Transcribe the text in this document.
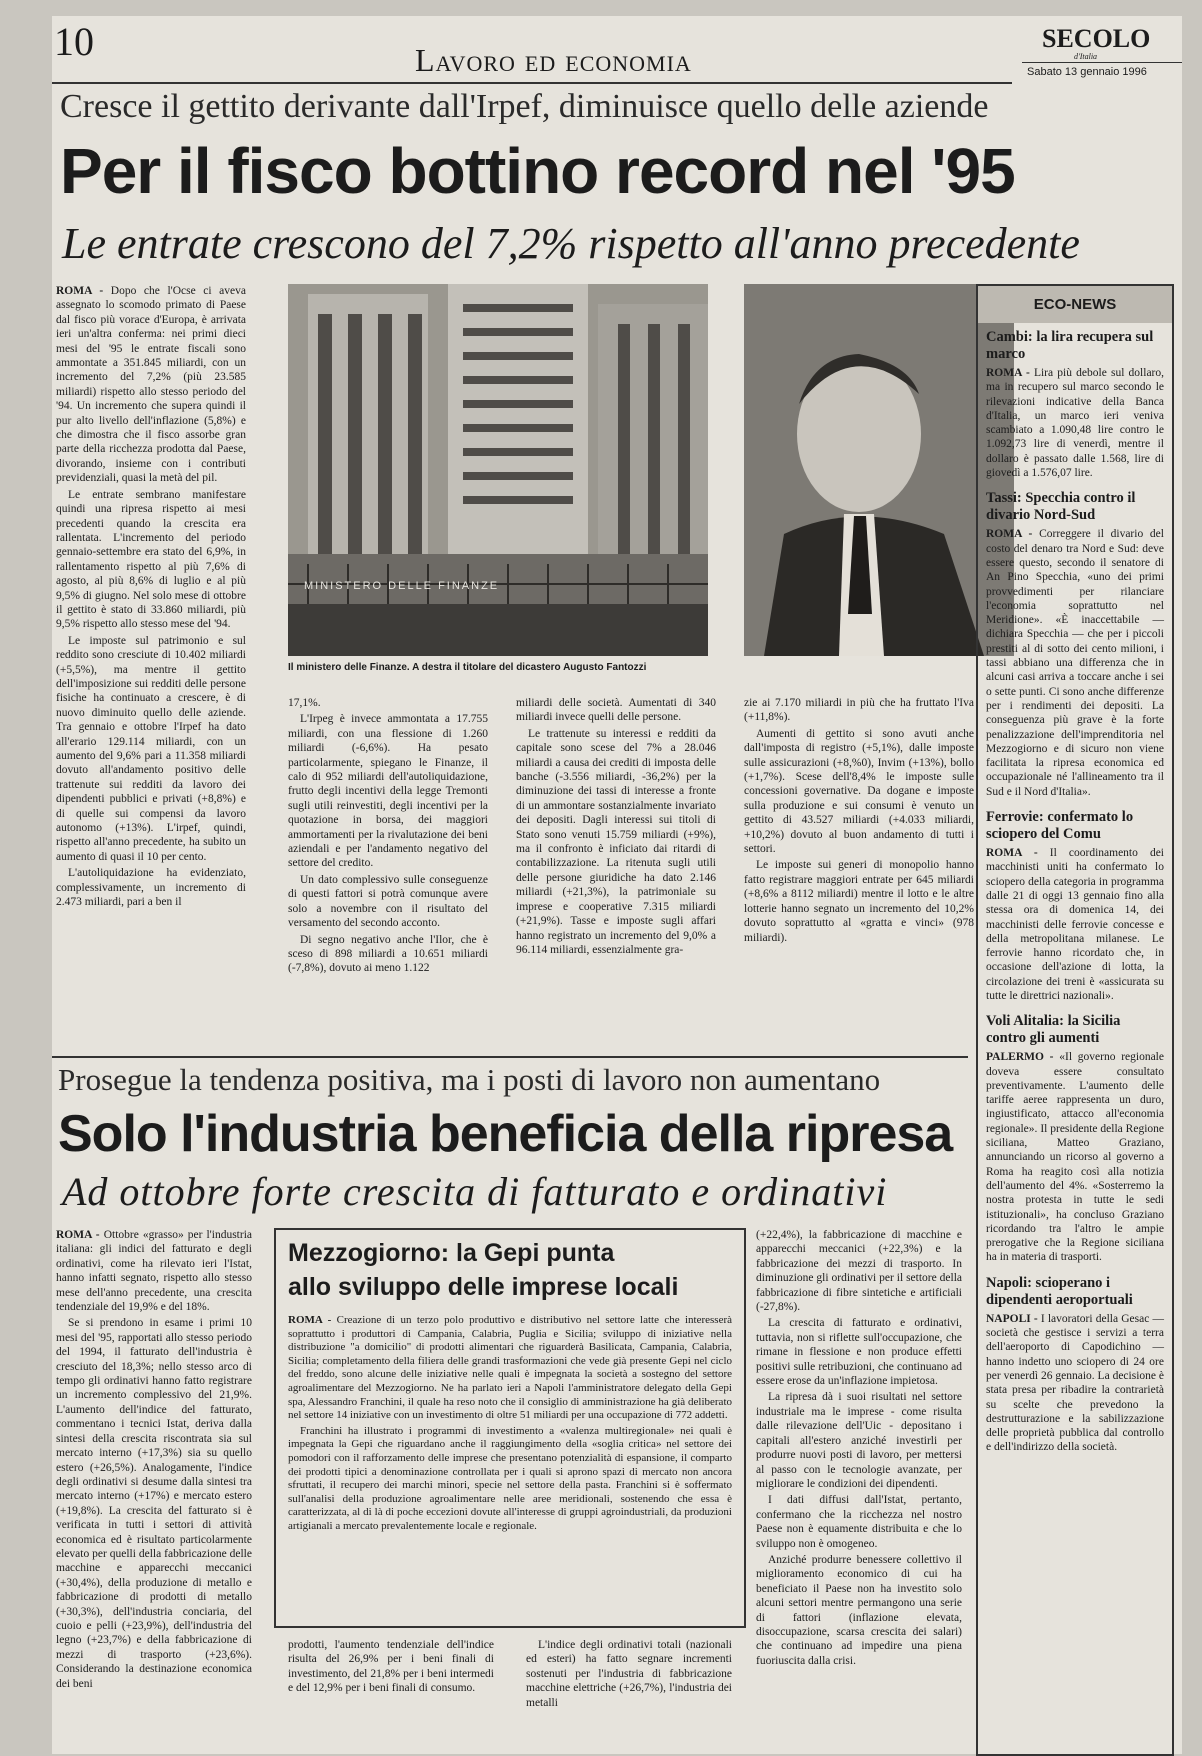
10	Lavoro ed economia
SECOLO
d'Italia
Sabato 13 gennaio 1996
Cresce il gettito derivante dall'Irpef, diminuisce quello delle aziende
Per il fisco bottino record nel '95
Le entrate crescono del 7,2% rispetto all'anno precedente

ROMA - Dopo che l'Ocse ci aveva assegnato lo scomodo primato di Paese dal fisco più vorace d'Europa, è arrivata ieri un'altra conferma: nei primi dieci mesi del '95 le entrate fiscali sono ammontate a 351.845 miliardi, con un incremento del 7,2% (più 23.585 miliardi) rispetto allo stesso periodo del '94. Un incremento che supera quindi il pur alto livello dell'inflazione (5,8%) e che dimostra che il fisco assorbe gran parte della ricchezza prodotta dal Paese, divorando, insieme con i contributi previdenziali, quasi la metà del pil.

Le entrate sembrano manifestare quindi una ripresa rispetto ai mesi precedenti quando la crescita era rallentata. L'incremento del periodo gennaio-settembre era stato del 6,9%, in rallentamento rispetto al più 7,6% di agosto, al più 8,6% di luglio e al più 9,5% di giugno. Nel solo mese di ottobre il gettito è stato di 33.860 miliardi, più 9,5% rispetto allo stesso mese del '94.

Le imposte sul patrimonio e sul reddito sono cresciute di 10.402 miliardi (+5,5%), ma mentre il gettito dell'imposizione sui redditi delle persone fisiche ha continuato a crescere, è di nuovo diminuito quello delle aziende. Tra gennaio e ottobre l'Irpef ha dato all'erario 129.114 miliardi, con un aumento del 9,6% pari a 11.358 miliardi dovuto all'andamento positivo delle trattenute sui redditi da lavoro dei dipendenti pubblici e privati (+8,8%) e di quelle sui compensi da lavoro autonomo (+13%). L'irpef, quindi, rispetto all'anno precedente, ha subito un aumento di quasi il 10 per cento.

L'autoliquidazione ha evidenziato, complessivamente, un incremento di 2.473 miliardi, pari a ben il

MINISTERO DELLE FINANZE
Il ministero delle Finanze. A destra il titolare del dicastero Augusto Fantozzi

17,1%.

L'Irpeg è invece ammontata a 17.755 miliardi, con una flessione di 1.260 miliardi (-6,6%). Ha pesato particolarmente, spiegano le Finanze, il calo di 952 miliardi dell'autoliquidazione, frutto degli incentivi della legge Tremonti sugli utili reinvestiti, degli incentivi per la quotazione in borsa, dei maggiori ammortamenti per la rivalutazione dei beni aziendali e per l'andamento negativo del settore del credito.

Un dato complessivo sulle conseguenze di questi fattori si potrà comunque avere solo a novembre con il risultato del versamento del secondo acconto.

Di segno negativo anche l'Ilor, che è sceso di 898 miliardi a 10.651 miliardi (-7,8%), dovuto ai meno 1.122

miliardi delle società. Aumentati di 340 miliardi invece quelli delle persone.

Le trattenute su interessi e redditi da capitale sono scese del 7% a 28.046 miliardi a causa dei crediti di imposta delle banche (-3.556 miliardi, -36,2%) per la diminuzione dei tassi di interesse a fronte di un ammontare sostanzialmente invariato dei depositi. Dagli interessi sui titoli di Stato sono venuti 15.759 miliardi (+9%), ma il confronto è inficiato dai ritardi di contabilizzazione. La ritenuta sugli utili delle persone giuridiche ha dato 2.146 miliardi (+21,3%), la patrimoniale su imprese e cooperative 7.315 miliardi (+21,9%). Tasse e imposte sugli affari hanno registrato un incremento del 9,0% a 96.114 miliardi, essenzialmente gra-

zie ai 7.170 miliardi in più che ha fruttato l'Iva (+11,8%).

Aumenti di gettito si sono avuti anche dall'imposta di registro (+5,1%), dalle imposte sulle assicurazioni (+8,%0), Invim (+13%), bollo (+1,7%). Scese dell'8,4% le imposte sulle concessioni governative. Da dogane e imposte sulla produzione e sui consumi è venuto un gettito di 43.527 miliardi (+4.033 miliardi, +10,2%) dovuto al buon andamento di tutti i settori.

Le imposte sui generi di monopolio hanno fatto registrare maggiori entrate per 645 miliardi (+8,6% a 8112 miliardi) mentre il lotto e le altre lotterie hanno segnato un incremento del 10,2% dovuto soprattutto al «gratta e vinci» (978 miliardi).

ECO-NEWS
Cambi: la lira recupera sul marco
ROMA - Lira più debole sul dollaro, ma in recupero sul marco secondo le rilevazioni indicative della Banca d'Italia, un marco ieri veniva scambiato a 1.090,48 lire contro le 1.092,73 lire di venerdì, mentre il dollaro è passato dalle 1.568, lire di giovedì a 1.576,07 lire.
Tassi: Specchia contro il divario Nord-Sud
ROMA - Correggere il divario del costo del denaro tra Nord e Sud: deve essere questo, secondo il senatore di An Pino Specchia, «uno dei primi provvedimenti per rilanciare l'economia soprattutto nel Meridione». «È inaccettabile — dichiara Specchia — che per i piccoli prestiti al di sotto dei cento milioni, i tassi abbiano una differenza che in alcuni casi arriva a toccare anche i sei o sette punti. Ci sono anche differenze per i rendimenti dei depositi. La conseguenza più grave è la forte penalizzazione dell'imprenditoria nel Mezzogiorno e di sicuro non viene facilitata la ripresa economica ed occupazionale né l'allineamento tra il Sud e il Nord d'Italia».
Ferrovie: confermato lo sciopero del Comu
ROMA - Il coordinamento dei macchinisti uniti ha confermato lo sciopero della categoria in programma dalle 21 di oggi 13 gennaio fino alla stessa ora di domenica 14, dei macchinisti delle ferrovie concesse e della metropolitana milanese. Le ferrovie hanno ricordato che, in occasione dell'azione di lotta, la circolazione dei treni è «assicurata su tutte le direttrici nazionali».
Voli Alitalia: la Sicilia contro gli aumenti
PALERMO - «Il governo regionale doveva essere consultato preventivamente. L'aumento delle tariffe aeree rappresenta un duro, ingiustificato, attacco all'economia regionale». Il presidente della Regione siciliana, Matteo Graziano, annunciando un ricorso al governo a Roma ha reagito così alla notizia dell'aumento del 4%. «Sosterremo la nostra protesta in tutte le sedi istituzionali», ha concluso Graziano ricordando tra l'altro le ampie prerogative che la Regione siciliana ha in materia di trasporti.
Napoli: scioperano i dipendenti aeroportuali
NAPOLI - I lavoratori della Gesac — società che gestisce i servizi a terra dell'aeroporto di Capodichino — hanno indetto uno sciopero di 24 ore per venerdì 26 gennaio. La decisione è stata presa per ribadire la contrarietà su scelte che prevedono la destrutturazione e la sabilizzazione delle proprietà pubblica dal controllo e dell'indirizzo della società.
Prosegue la tendenza positiva, ma i posti di lavoro non aumentano
Solo l'industria beneficia della ripresa
Ad ottobre forte crescita di fatturato e ordinativi

ROMA - Ottobre «grasso» per l'industria italiana: gli indici del fatturato e degli ordinativi, come ha rilevato ieri l'Istat, hanno infatti segnato, rispetto allo stesso mese dell'anno precedente, una crescita tendenziale del 19,9% e del 18%.

Se si prendono in esame i primi 10 mesi del '95, rapportati allo stesso periodo del 1994, il fatturato dell'industria è cresciuto del 18,3%; nello stesso arco di tempo gli ordinativi hanno fatto registrare un incremento complessivo del 21,9%. L'aumento dell'indice del fatturato, commentano i tecnici Istat, deriva dalla sintesi della crescita riscontrata sia sul mercato interno (+17,3%) sia su quello estero (+26,5%). Analogamente, l'indice degli ordinativi si desume dalla sintesi tra mercato interno (+17%) e mercato estero (+19,8%). La crescita del fatturato si è verificata in tutti i settori di attività economica ed è risultato particolarmente elevato per quelli della fabbricazione delle macchine e apparecchi meccanici (+30,4%), della produzione di metallo e fabbricazione di prodotti di metallo (+30,3%), dell'industria conciaria, del cuoio e pelli (+23,9%), dell'industria del legno (+23,7%) e della fabbricazione di mezzi di trasporto (+23,6%). Considerando la destinazione economica dei beni

Mezzogiorno: la Gepi punta
allo sviluppo delle imprese locali

ROMA - Creazione di un terzo polo produttivo e distributivo nel settore latte che interesserà soprattutto i produttori di Campania, Calabria, Puglia e Sicilia; sviluppo di iniziative nella distribuzione "a domicilio" di prodotti alimentari che riguarderà Basilicata, Campania, Calabria, Sicilia; completamento della filiera delle grandi trasformazioni che vede già presente Gepi nel ciclo del freddo, sono alcune delle iniziative nelle quali è impegnata la società a sostegno del settore agroalimentare del Mezzogiorno. Ne ha parlato ieri a Napoli l'amministratore delegato della Gepi spa, Alessandro Franchini, il quale ha reso noto che il consiglio di amministrazione ha già deliberato nel settore 14 iniziative con un investimento di oltre 51 miliardi per una occupazione di 772 addetti.

Franchini ha illustrato i programmi di investimento a «valenza multiregionale» nei quali è impegnata la Gepi che riguardano anche il raggiungimento della «soglia critica» nel settore dei pomodori con il rafforzamento delle imprese che presentano potenzialità di espansione, il comparto dei prodotti tipici a denominazione controllata per i quali si aprono spazi di mercato non ancora sfruttati, il recupero dei marchi minori, specie nel settore della pasta. Franchini si è soffermato sull'analisi della produzione agroalimentare nelle aree meridionali, sostenendo che essa è caratterizzata, al di là di poche eccezioni dovute all'interesse di gruppi agroindustriali, da produzioni artigianali a mercato prevalentemente locale e regionale.

prodotti, l'aumento tendenziale dell'indice risulta del 26,9% per i beni finali di investimento, del 21,8% per i beni intermedi e del 12,9% per i beni finali di consumo.

L'indice degli ordinativi totali (nazionali ed esteri) ha fatto segnare incrementi sostenuti per l'industria di fabbricazione macchine elettriche (+26,7%), l'industria dei metalli

(+22,4%), la fabbricazione di macchine e apparecchi meccanici (+22,3%) e la fabbricazione dei mezzi di trasporto. In diminuzione gli ordinativi per il settore della fabbricazione di fibre sintetiche e artificiali (-27,8%).

La crescita di fatturato e ordinativi, tuttavia, non si riflette sull'occupazione, che rimane in flessione e non produce effetti positivi sulle retribuzioni, che continuano ad essere erose da un'inflazione impietosa.

La ripresa dà i suoi risultati nel settore industriale ma le imprese - come risulta dalle rilevazione dell'Uic - depositano i capitali all'estero anziché investirli per produrre nuovi posti di lavoro, per mettersi al passo con le tecnologie avanzate, per migliorare le condizioni dei dipendenti.

I dati diffusi dall'Istat, pertanto, confermano che la ricchezza nel nostro Paese non è equamente distribuita e che lo sviluppo non è omogeneo.

Anziché produrre benessere collettivo il miglioramento economico di cui ha beneficiato il Paese non ha investito solo alcuni settori mentre permangono una serie di fattori (inflazione elevata, disoccupazione, scarsa crescita dei salari) che continuano ad impedire una piena fuoriuscita dalla crisi.
